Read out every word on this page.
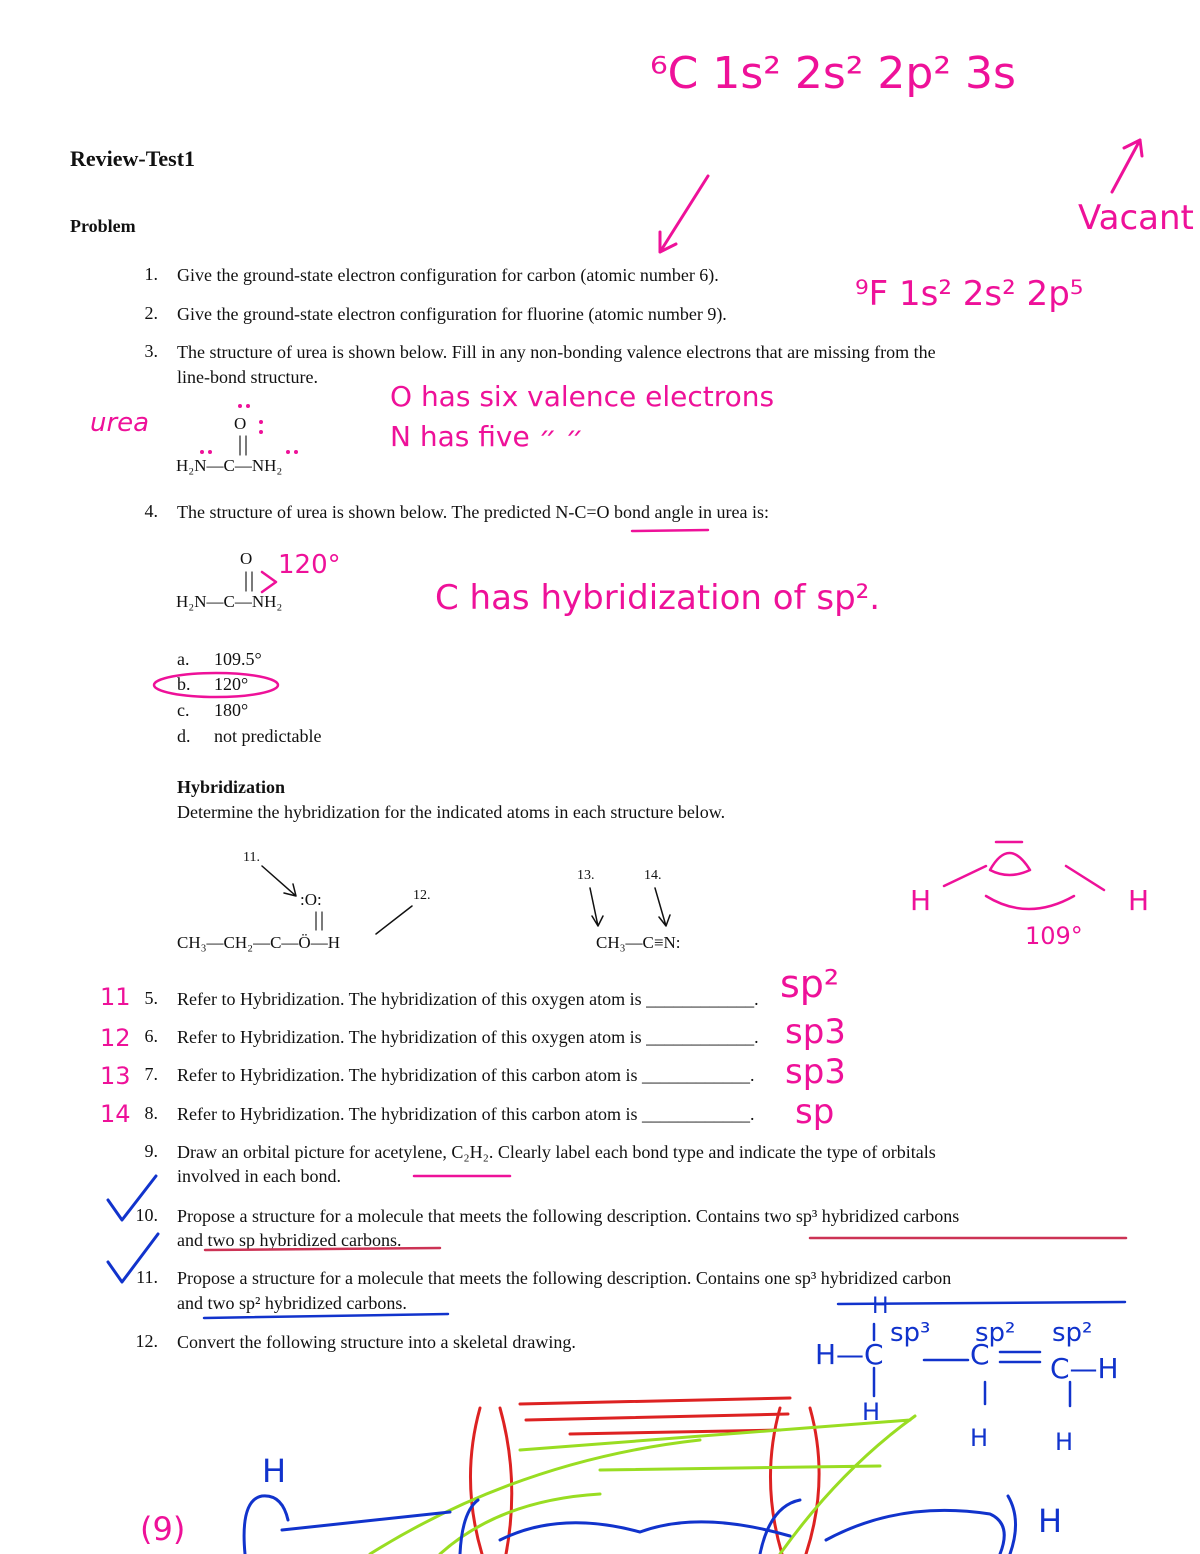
Review-Test1
Problem
1. Give the ground-state electron configuration for carbon (atomic number 6).
2. Give the ground-state electron configuration for fluorine (atomic number 9).
3. The structure of urea is shown below. Fill in any non-bonding valence electrons that are missing from the
line-bond structure.
O
H₂N—C—NH₂
4. The structure of urea is shown below. The predicted N-C=O bond angle in urea is:
O
H₂N—C—NH₂
a. 109.5°
b. 120°
c. 180°
d. not predictable
Hybridization
Determine the hybridization for the indicated atoms in each structure below.
11.
:O:	12.
CH₃—CH₂—C—Ö—H
13.	14.
CH₃—C≡N:
5. Refer to Hybridization. The hybridization of this oxygen atom is ____________.
6. Refer to Hybridization. The hybridization of this oxygen atom is ____________.
7. Refer to Hybridization. The hybridization of this carbon atom is ____________.
8. Refer to Hybridization. The hybridization of this carbon atom is ____________.
9. Draw an orbital picture for acetylene, C₂H₂. Clearly label each bond type and indicate the type of orbitals
involved in each bond.
10. Propose a structure for a molecule that meets the following description. Contains two sp³ hybridized carbons
and two sp hybridized carbons.
11. Propose a structure for a molecule that meets the following description. Contains one sp³ hybridized carbon
and two sp² hybridized carbons.
12. Convert the following structure into a skeletal drawing.
⁶C 1s² 2s² 2p² 3s
Vacant
⁹F 1s² 2s² 2p⁵
urea
O has six valence electrons
N has five ״ ״
120°
C has hybridization of sp².
H	H
109°
11
12
13
14
sp²
sp3
sp3
sp
H
sp³ sp² sp²
H—C	C C—H
H
H	H
H
H
(9)
